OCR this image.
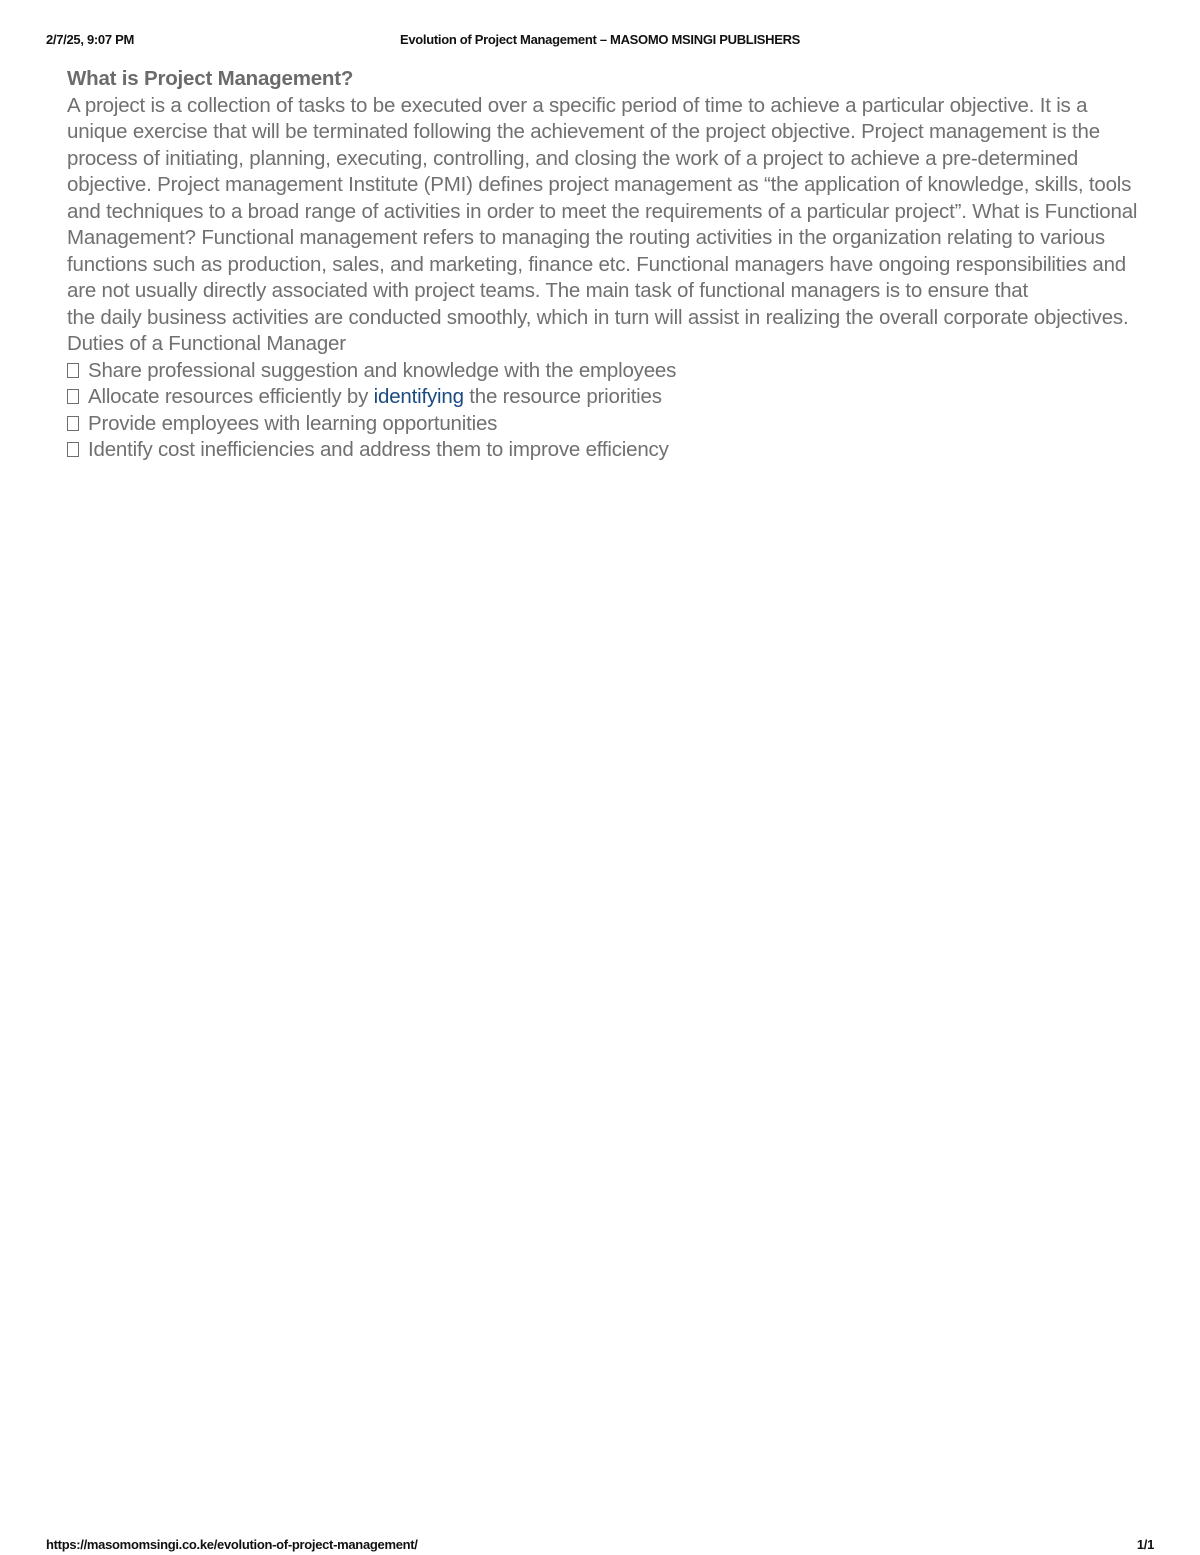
2/7/25, 9:07 PM	Evolution of Project Management – MASOMO MSINGI PUBLISHERS
What is Project Management?

A project is a collection of tasks to be executed over a specific period of time to achieve a particular objective. It is a unique exercise that will be terminated following the achievement of the project objective. Project management is the process of initiating, planning, executing, controlling, and closing the work of a project to achieve a pre-determined objective. Project management Institute (PMI) defines project management as “the application of knowledge, skills, tools and techniques to a broad range of activities in order to meet the requirements of a particular project”. What is Functional Management? Functional management refers to managing the routing activities in the organization relating to various functions such as production, sales, and marketing, finance etc. Functional managers have ongoing responsibilities and are not usually directly associated with project teams. The main task of functional managers is to ensure that

the daily business activities are conducted smoothly, which in turn will assist in realizing the overall corporate objectives.

Duties of a Functional Manager
Share professional suggestion and knowledge with the employees
Allocate resources efficiently by identifying the resource priorities
Provide employees with learning opportunities
Identify cost inefficiencies and address them to improve efficiency
https://masomomsingi.co.ke/evolution-of-project-management/	1/1
